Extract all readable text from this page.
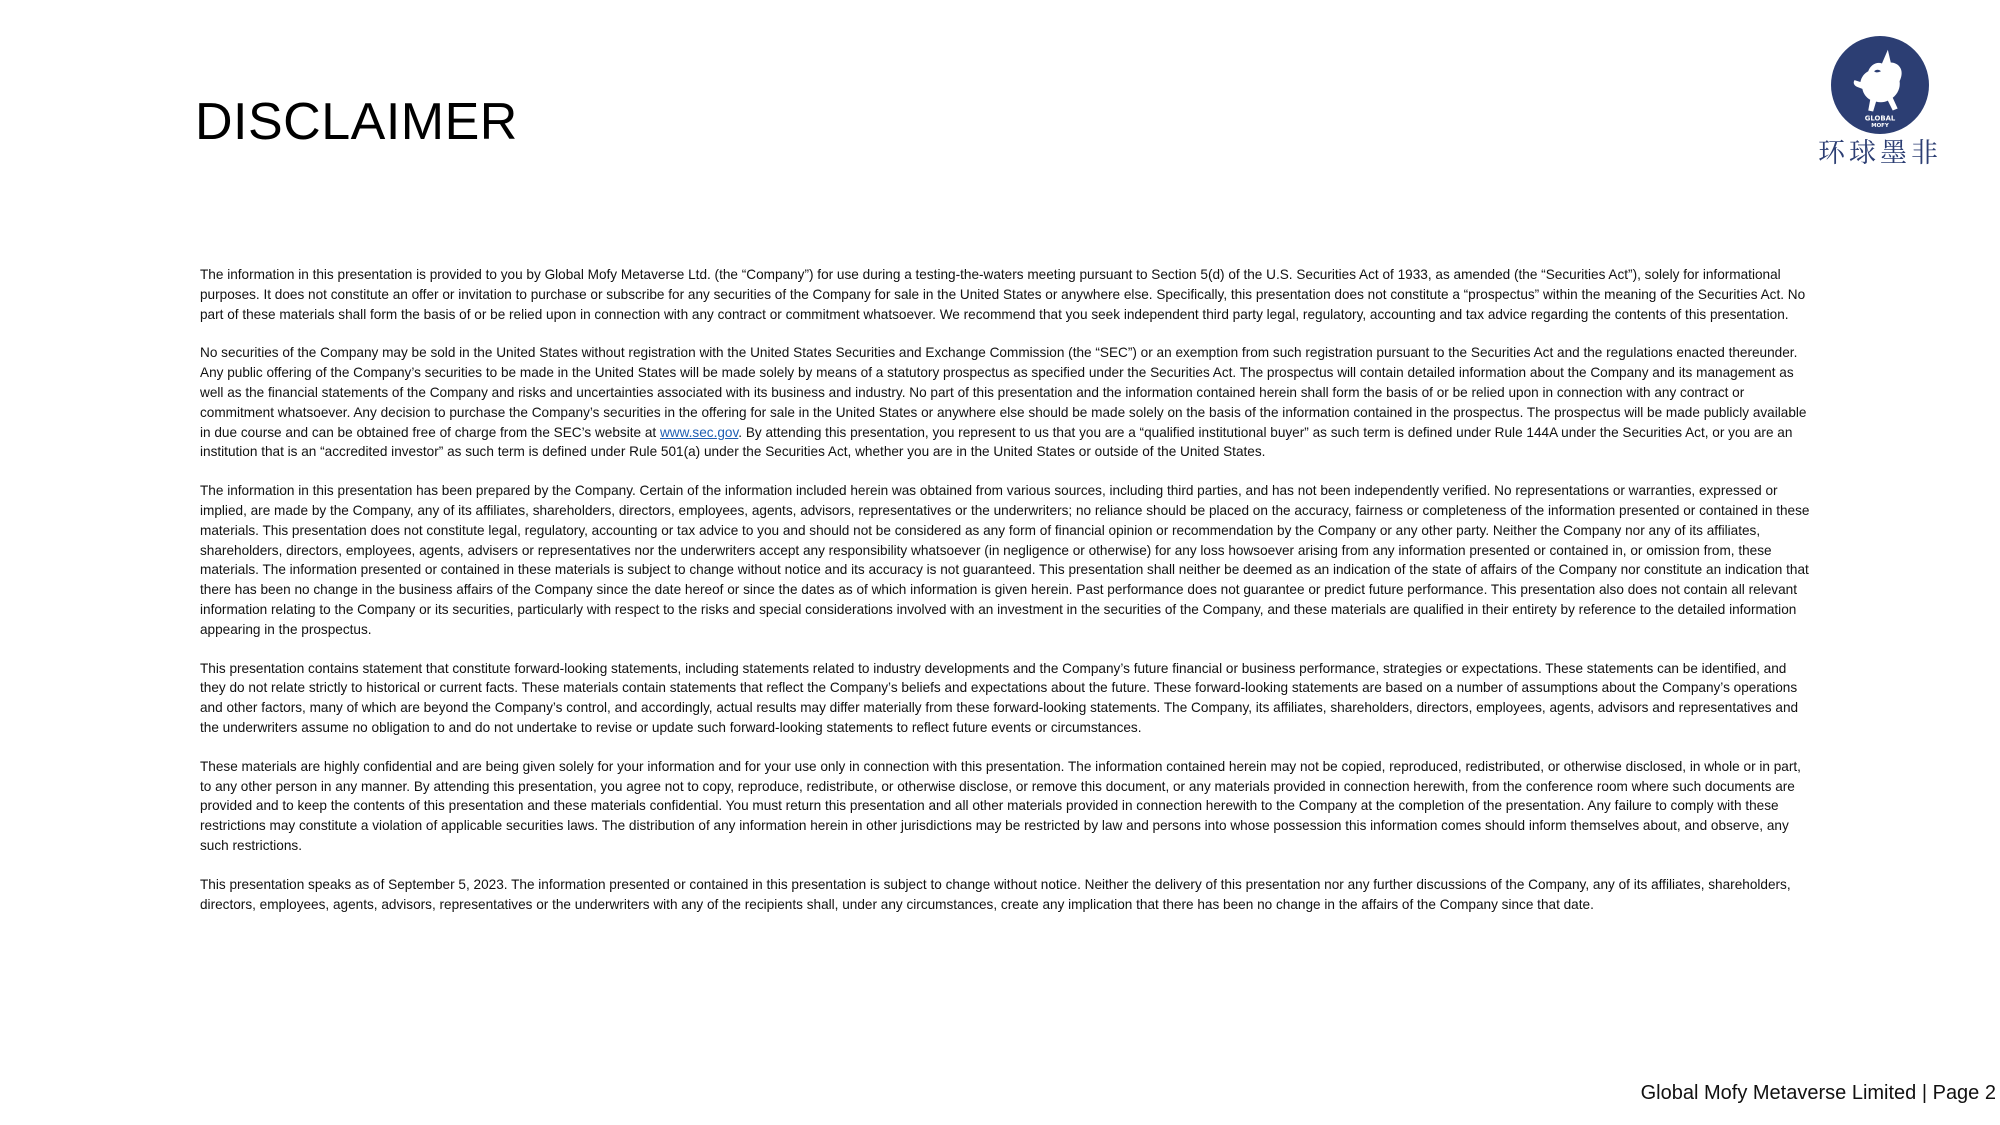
DISCLAIMER	GLOBAL
MOFY
环球墨非

The information in this presentation is provided to you by Global Mofy Metaverse Ltd. (the “Company”) for use during a testing-the-waters meeting pursuant to Section 5(d) of the U.S. Securities Act of 1933, as amended (the “Securities Act”), solely for informational purposes. It does not constitute an offer or invitation to purchase or subscribe for any securities of the Company for sale in the United States or anywhere else. Specifically, this presentation does not constitute a “prospectus” within the meaning of the Securities Act. No part of these materials shall form the basis of or be relied upon in connection with any contract or commitment whatsoever. We recommend that you seek independent third party legal, regulatory, accounting and tax advice regarding the contents of this presentation.

No securities of the Company may be sold in the United States without registration with the United States Securities and Exchange Commission (the “SEC”) or an exemption from such registration pursuant to the Securities Act and the regulations enacted thereunder. Any public offering of the Company’s securities to be made in the United States will be made solely by means of a statutory prospectus as specified under the Securities Act. The prospectus will contain detailed information about the Company and its management as well as the financial statements of the Company and risks and uncertainties associated with its business and industry. No part of this presentation and the information contained herein shall form the basis of or be relied upon in connection with any contract or commitment whatsoever. Any decision to purchase the Company’s securities in the offering for sale in the United States or anywhere else should be made solely on the basis of the information contained in the prospectus. The prospectus will be made publicly available in due course and can be obtained free of charge from the SEC’s website at www.sec.gov. By attending this presentation, you represent to us that you are a “qualified institutional buyer” as such term is defined under Rule 144A under the Securities Act, or you are an institution that is an “accredited investor” as such term is defined under Rule 501(a) under the Securities Act, whether you are in the United States or outside of the United States.

The information in this presentation has been prepared by the Company. Certain of the information included herein was obtained from various sources, including third parties, and has not been independently verified. No representations or warranties, expressed or implied, are made by the Company, any of its affiliates, shareholders, directors, employees, agents, advisors, representatives or the underwriters; no reliance should be placed on the accuracy, fairness or completeness of the information presented or contained in these materials. This presentation does not constitute legal, regulatory, accounting or tax advice to you and should not be considered as any form of financial opinion or recommendation by the Company or any other party. Neither the Company nor any of its affiliates, shareholders, directors, employees, agents, advisers or representatives nor the underwriters accept any responsibility whatsoever (in negligence or otherwise) for any loss howsoever arising from any information presented or contained in, or omission from, these materials. The information presented or contained in these materials is subject to change without notice and its accuracy is not guaranteed. This presentation shall neither be deemed as an indication of the state of affairs of the Company nor constitute an indication that there has been no change in the business affairs of the Company since the date hereof or since the dates as of which information is given herein. Past performance does not guarantee or predict future performance. This presentation also does not contain all relevant information relating to the Company or its securities, particularly with respect to the risks and special considerations involved with an investment in the securities of the Company, and these materials are qualified in their entirety by reference to the detailed information appearing in the prospectus.

This presentation contains statement that constitute forward-looking statements, including statements related to industry developments and the Company’s future financial or business performance, strategies or expectations. These statements can be identified, and they do not relate strictly to historical or current facts. These materials contain statements that reflect the Company’s beliefs and expectations about the future. These forward-looking statements are based on a number of assumptions about the Company’s operations and other factors, many of which are beyond the Company’s control, and accordingly, actual results may differ materially from these forward-looking statements. The Company, its affiliates, shareholders, directors, employees, agents, advisors and representatives and the underwriters assume no obligation to and do not undertake to revise or update such forward-looking statements to reflect future events or circumstances.

These materials are highly confidential and are being given solely for your information and for your use only in connection with this presentation. The information contained herein may not be copied, reproduced, redistributed, or otherwise disclosed, in whole or in part, to any other person in any manner. By attending this presentation, you agree not to copy, reproduce, redistribute, or otherwise disclose, or remove this document, or any materials provided in connection herewith, from the conference room where such documents are provided and to keep the contents of this presentation and these materials confidential. You must return this presentation and all other materials provided in connection herewith to the Company at the completion of the presentation. Any failure to comply with these restrictions may constitute a violation of applicable securities laws. The distribution of any information herein in other jurisdictions may be restricted by law and persons into whose possession this information comes should inform themselves about, and observe, any such restrictions.

This presentation speaks as of September 5, 2023. The information presented or contained in this presentation is subject to change without notice. Neither the delivery of this presentation nor any further discussions of the Company, any of its affiliates, shareholders, directors, employees, agents, advisors, representatives or the underwriters with any of the recipients shall, under any circumstances, create any implication that there has been no change in the affairs of the Company since that date.

Global Mofy Metaverse Limited | Page 2
